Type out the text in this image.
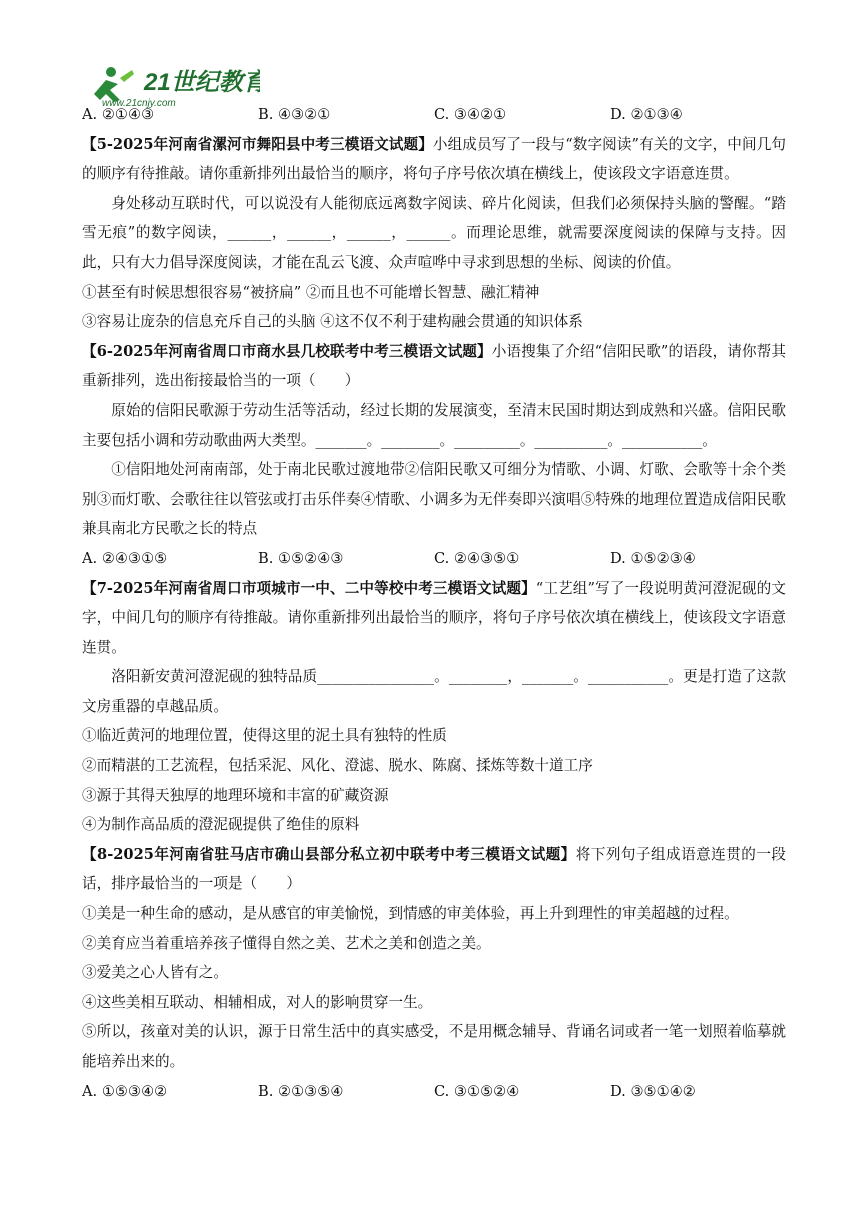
21世纪教育
www.21cnjy.com
A. ②①④③	B. ④③②①	C. ③④②①	D. ②①③④
【5-2025年河南省漯河市舞阳县中考三模语文试题】小组成员写了一段与“数字阅读”有关的文字，中间几句的顺序有待推敲。请你重新排列出最恰当的顺序，将句子序号依次填在横线上，使该段文字语意连贯。
身处移动互联时代，可以说没有人能彻底远离数字阅读、碎片化阅读，但我们必须保持头脑的警醒。“踏雪无痕”的数字阅读，______，______，______，______。而理论思维，就需要深度阅读的保障与支持。因此，只有大力倡导深度阅读，才能在乱云飞渡、众声喧哗中寻求到思想的坐标、阅读的价值。
①甚至有时候思想很容易“被挤扁” ②而且也不可能增长智慧、融汇精神
③容易让庞杂的信息充斥自己的头脑 ④这不仅不利于建构融会贯通的知识体系
【6-2025年河南省周口市商水县几校联考中考三模语文试题】小语搜集了介绍“信阳民歌”的语段，请你帮其重新排列，选出衔接最恰当的一项（　　）
原始的信阳民歌源于劳动生活等活动，经过长期的发展演变，至清末民国时期达到成熟和兴盛。信阳民歌主要包括小调和劳动歌曲两大类型。_______。________。_________。__________。___________。
①信阳地处河南南部，处于南北民歌过渡地带②信阳民歌又可细分为情歌、小调、灯歌、会歌等十余个类别③而灯歌、会歌往往以管弦或打击乐伴奏④情歌、小调多为无伴奏即兴演唱⑤特殊的地理位置造成信阳民歌兼具南北方民歌之长的特点
A. ②④③①⑤	B. ①⑤②④③	C. ②④③⑤①	D. ①⑤②③④
【7-2025年河南省周口市项城市一中、二中等校中考三模语文试题】“工艺组”写了一段说明黄河澄泥砚的文字，中间几句的顺序有待推敲。请你重新排列出最恰当的顺序，将句子序号依次填在横线上，使该段文字语意连贯。
洛阳新安黄河澄泥砚的独特品质________________。________，_______。___________。更是打造了这款文房重器的卓越品质。
①临近黄河的地理位置，使得这里的泥土具有独特的性质
②而精湛的工艺流程，包括采泥、风化、澄滤、脱水、陈腐、揉炼等数十道工序
③源于其得天独厚的地理环境和丰富的矿藏资源
④为制作高品质的澄泥砚提供了绝佳的原料
【8-2025年河南省驻马店市确山县部分私立初中联考中考三模语文试题】将下列句子组成语意连贯的一段话，排序最恰当的一项是（　　）
①美是一种生命的感动，是从感官的审美愉悦，到情感的审美体验，再上升到理性的审美超越的过程。
②美育应当着重培养孩子懂得自然之美、艺术之美和创造之美。
③爱美之心人皆有之。
④这些美相互联动、相辅相成，对人的影响贯穿一生。
⑤所以，孩童对美的认识，源于日常生活中的真实感受，不是用概念辅导、背诵名词或者一笔一划照着临摹就能培养出来的。
A. ①⑤③④②	B. ②①③⑤④	C. ③①⑤②④	D. ③⑤①④②
